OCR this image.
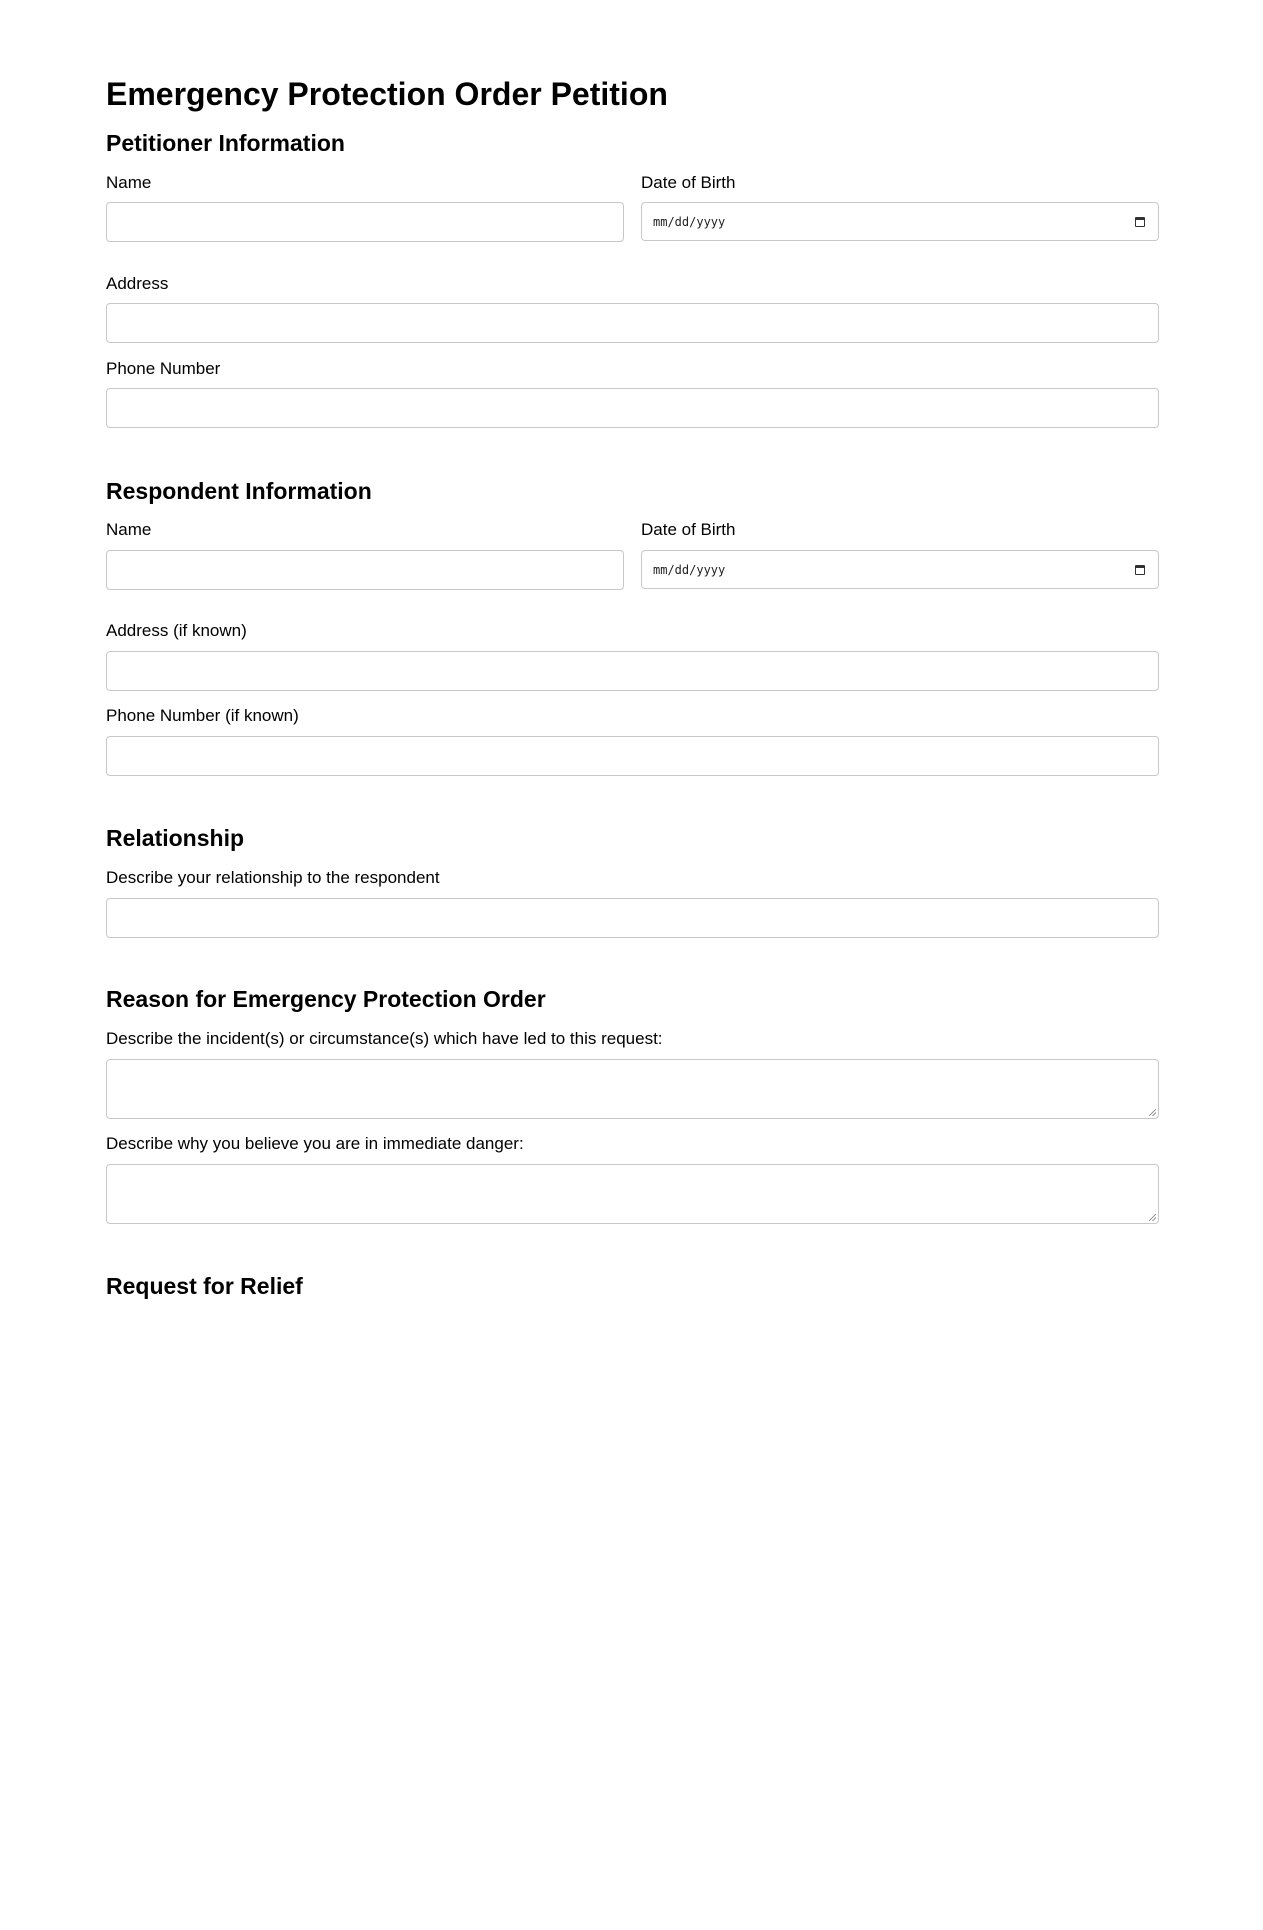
Emergency Protection Order Petition
Petitioner Information
Name	Date of Birth
mm/dd/yyyy
Address
Phone Number
Respondent Information
Name	Date of Birth
mm/dd/yyyy
Address (if known)
Phone Number (if known)
Relationship
Describe your relationship to the respondent
Reason for Emergency Protection Order
Describe the incident(s) or circumstance(s) which have led to this request:
Describe why you believe you are in immediate danger:
Request for Relief
